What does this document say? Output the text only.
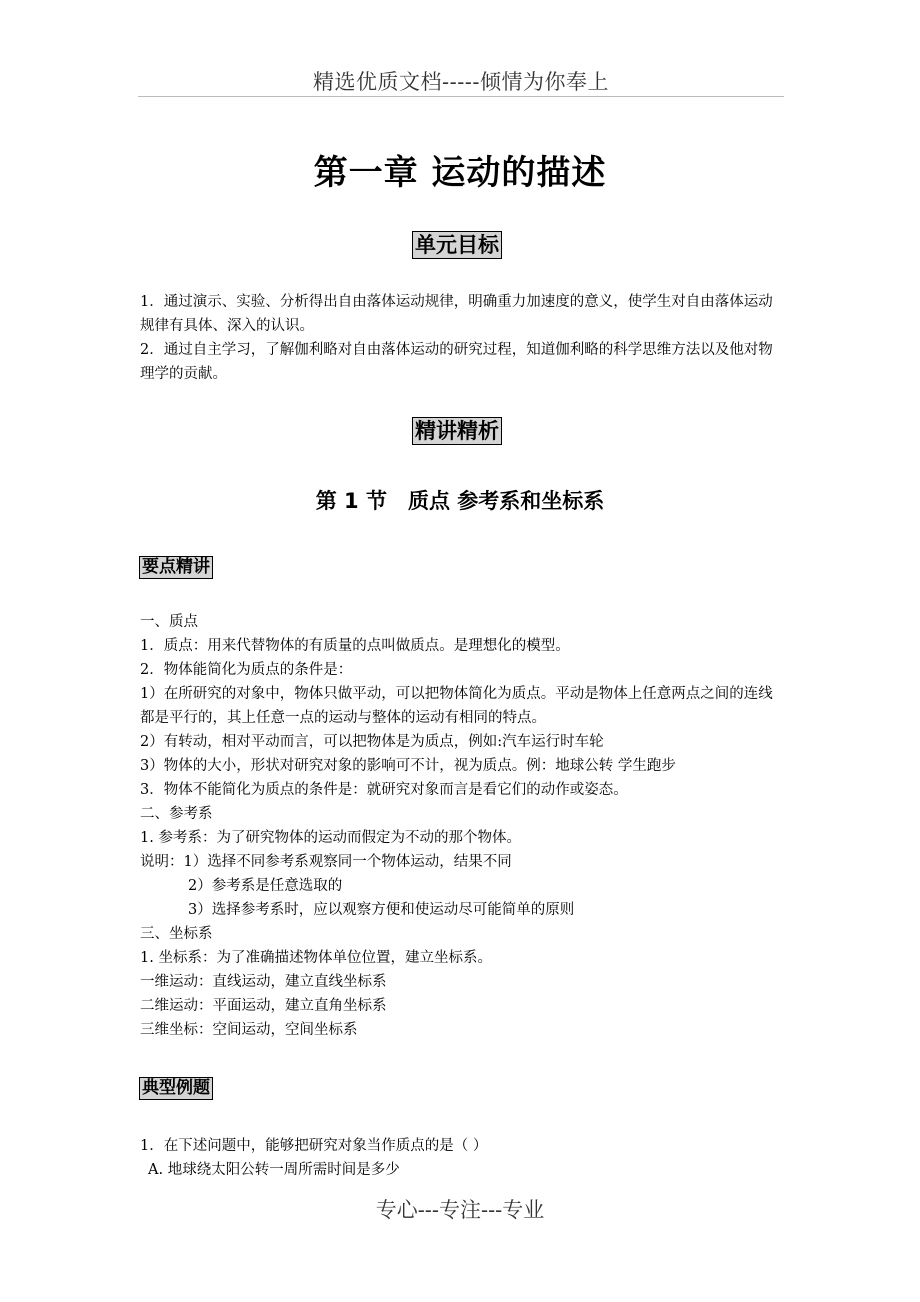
精选优质文档-----倾情为你奉上
第一章 运动的描述
单元目标

1．通过演示、实验、分析得出自由落体运动规律，明确重力加速度的意义，使学生对自由落体运动规律有具体、深入的认识。

2．通过自主学习，了解伽利略对自由落体运动的研究过程，知道伽利略的科学思维方法以及他对物理学的贡献。

精讲精析
第 1 节　质点 参考系和坐标系
要点精讲

一、质点

1．质点：用来代替物体的有质量的点叫做质点。是理想化的模型。

2．物体能简化为质点的条件是：

1）在所研究的对象中，物体只做平动，可以把物体简化为质点。平动是物体上任意两点之间的连线都是平行的，其上任意一点的运动与整体的运动有相同的特点。

2）有转动，相对平动而言，可以把物体是为质点，例如:汽车运行时车轮

3）物体的大小，形状对研究对象的影响可不计，视为质点。例：地球公转 学生跑步

3．物体不能简化为质点的条件是：就研究对象而言是看它们的动作或姿态。

二、参考系

1. 参考系：为了研究物体的运动而假定为不动的那个物体。

说明：1）选择不同参考系观察同一个物体运动，结果不同

2）参考系是任意选取的

3）选择参考系时，应以观察方便和使运动尽可能简单的原则

三、坐标系

1. 坐标系：为了准确描述物体单位位置，建立坐标系。

一维运动：直线运动，建立直线坐标系

二维运动：平面运动，建立直角坐标系

三维坐标：空间运动，空间坐标系

典型例题

1．在下述问题中，能够把研究对象当作质点的是（ ）

A. 地球绕太阳公转一周所需时间是多少

专心---专注---专业
